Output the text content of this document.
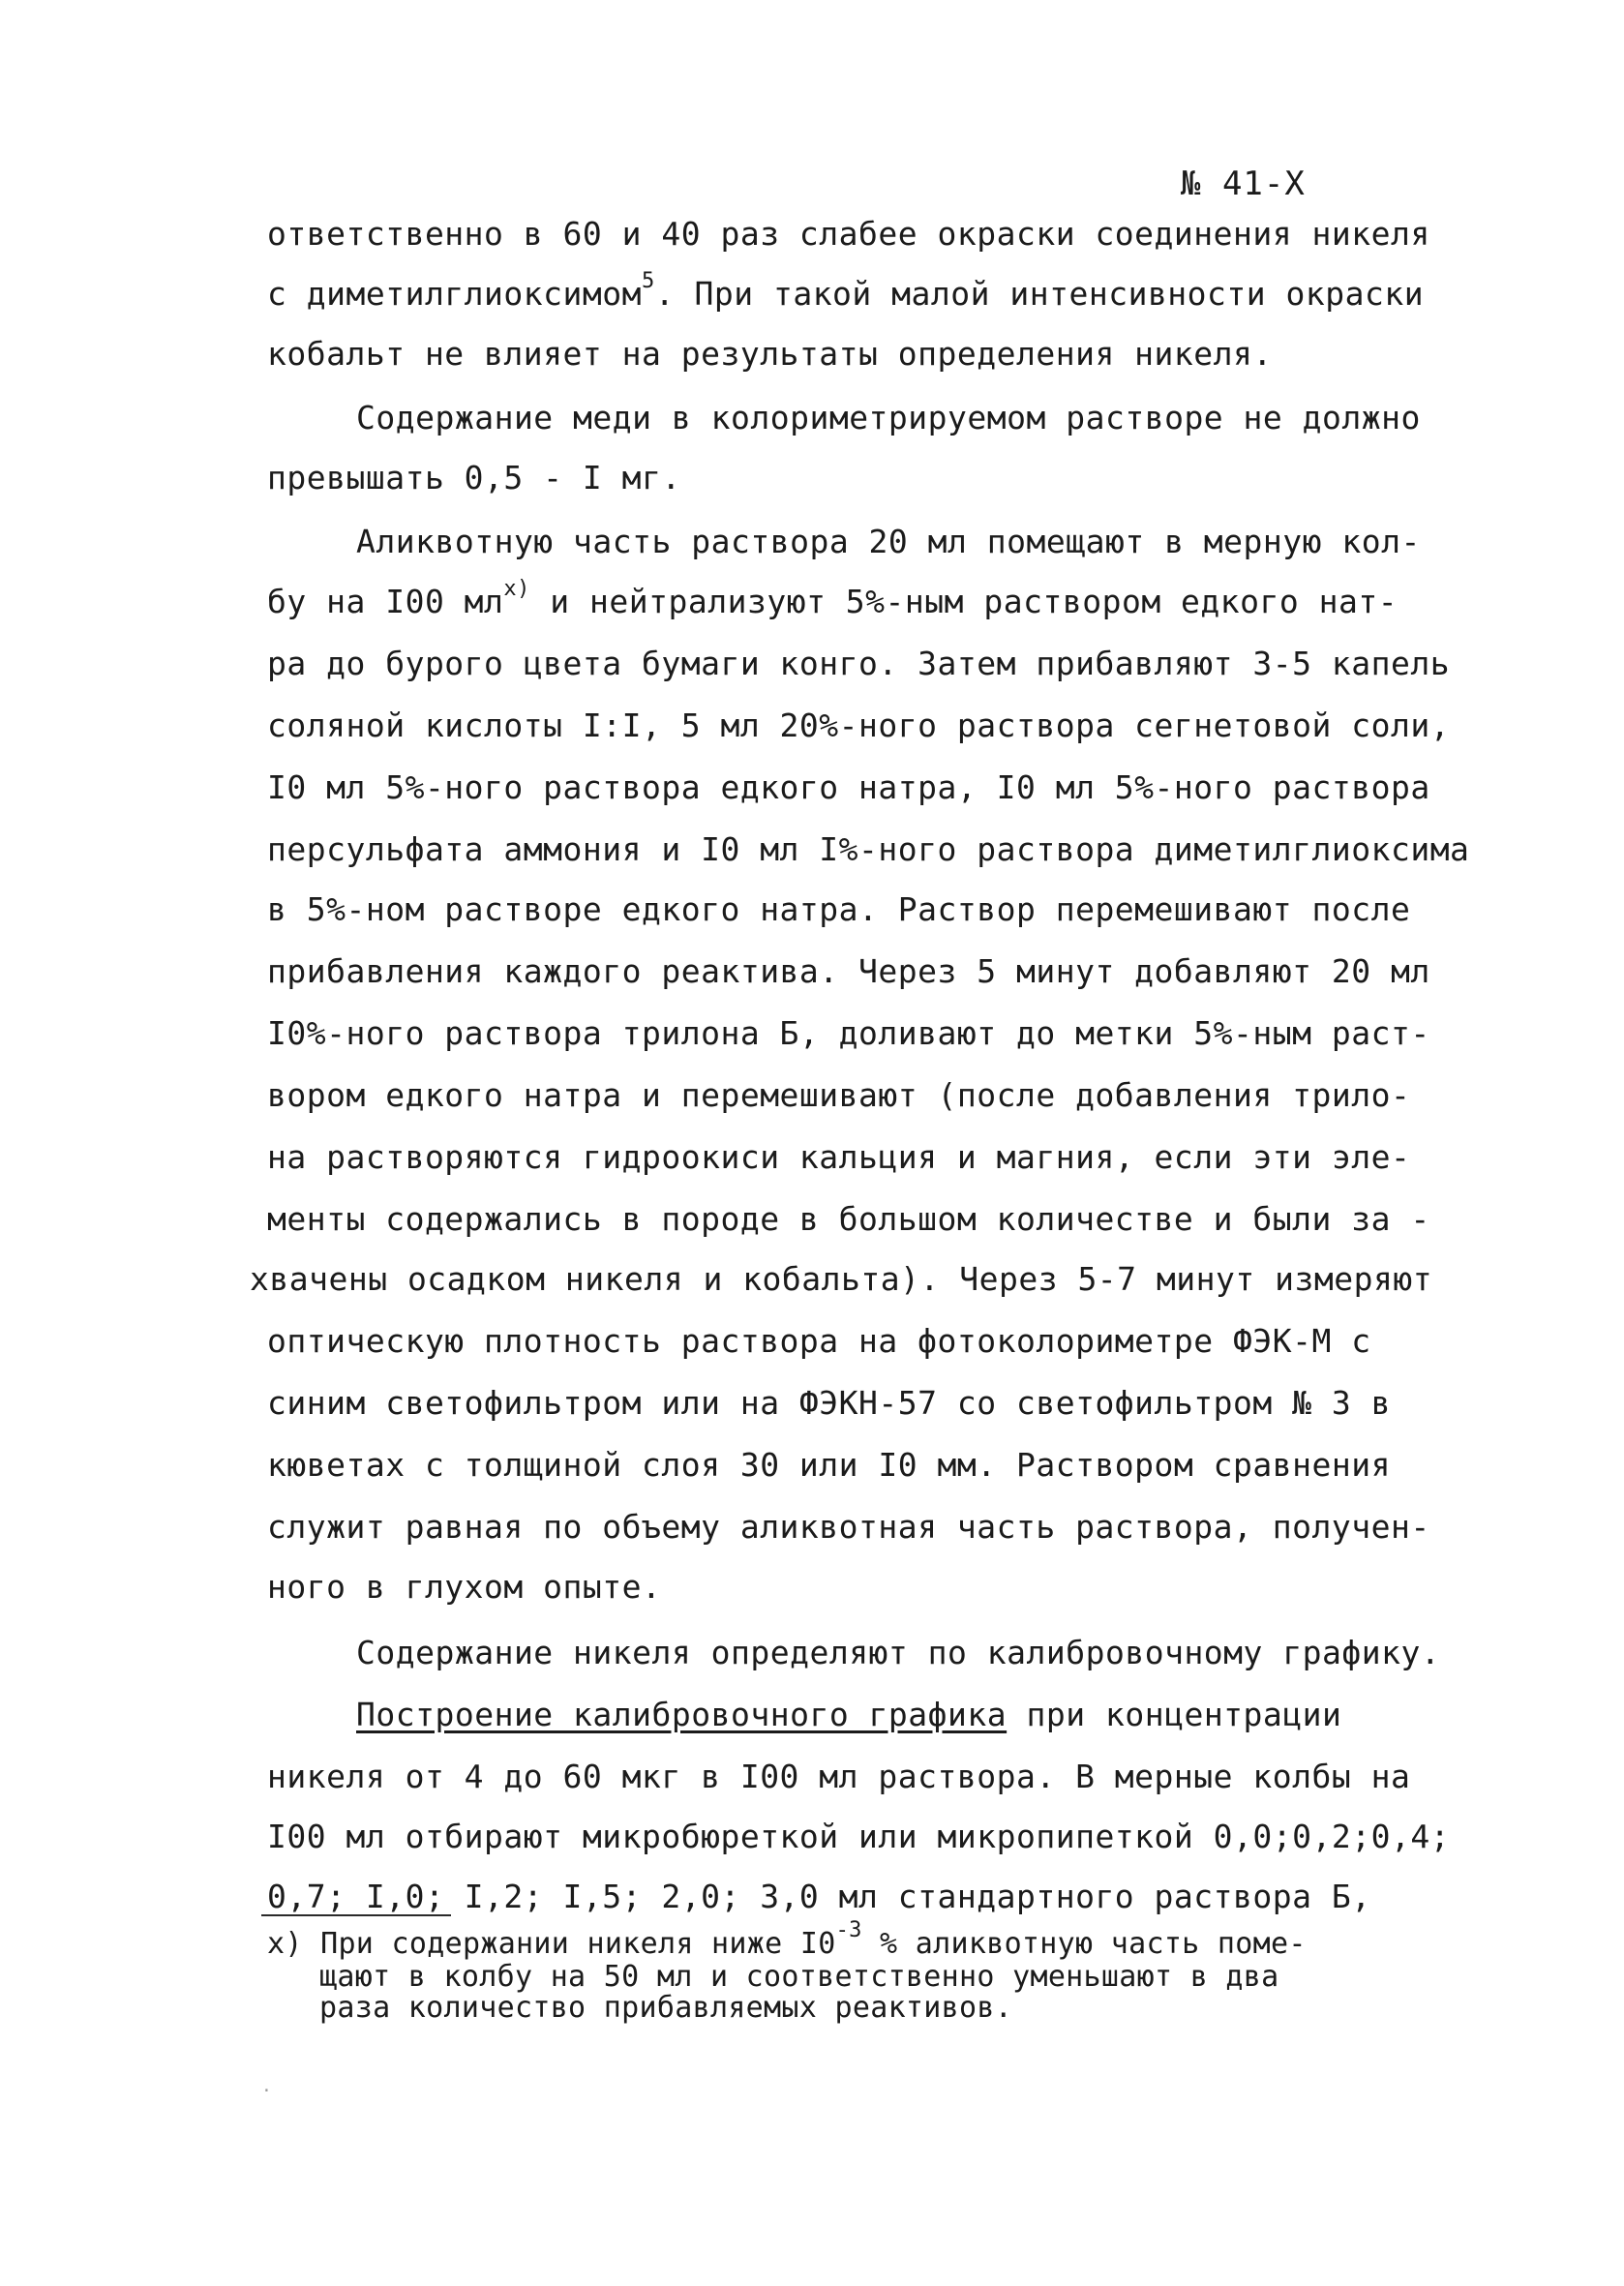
№ 41-X
ответственно в 60 и 40 раз слабее окраски соединения никеля
с диметилглиоксимом$^5$. При такой малой интенсивности окраски
кобальт не влияет на результаты определения никеля.
Содержание меди в колориметрируемом растворе не должно
превышать 0,5 - I мг.
Аликвотную часть раствора 20 мл помещают в мерную кол-
бу на I00 $мл^{x)}$ и нейтрализуют 5%-ным раствором едкого нат-
ра до бурого цвета бумаги конго. Затем прибавляют 3-5 капель
соляной кислоты I:I, 5 мл 20%-ного раствора сегнетовой соли,
I0 мл 5%-ного раствора едкого натра, I0 мл 5%-ного раствора
персульфата аммония и I0 мл I%-ного раствора диметилглиоксима
в 5%-ном растворе едкого натра. Раствор перемешивают после
прибавления каждого реактива. Через 5 минут добавляют 20 мл
I0%-ного раствора трилона Б, доливают до метки 5%-ным раст-
вором едкого натра и перемешивают (после добавления трило-
на растворяются гидроокиси кальция и магния, если эти эле-
менты содержались в породе в большом количестве и были за -
хвачены осадком никеля и кобальта). Через 5-7 минут измеряют
оптическую плотность раствора на фотоколориметре ФЭК-М с
синим светофильтром или на ФЭКН-57 со светофильтром № 3 в
кюветах с толщиной слоя 30 или I0 мм. Раствором сравнения
служит равная по объему аликвотная часть раствора, получен-
ного в глухом опыте.
Содержание никеля определяют по калибровочному графику.
Построение калибровочного графика при концентрации
никеля от 4 до 60 мкг в I00 мл раствора. В мерные колбы на
I00 мл отбирают микробюреткой или микропипеткой 0,0;0,2;0,4;
0,7; I,0; I,2; I,5; 2,0; 3,0 мл стандартного раствора Б,
x) При содержании никеля ниже $I0^{-3}$ % аликвотную часть поме-
щают в колбу на 50 мл и соответственно уменьшают в два
раза количество прибавляемых реактивов.
·
